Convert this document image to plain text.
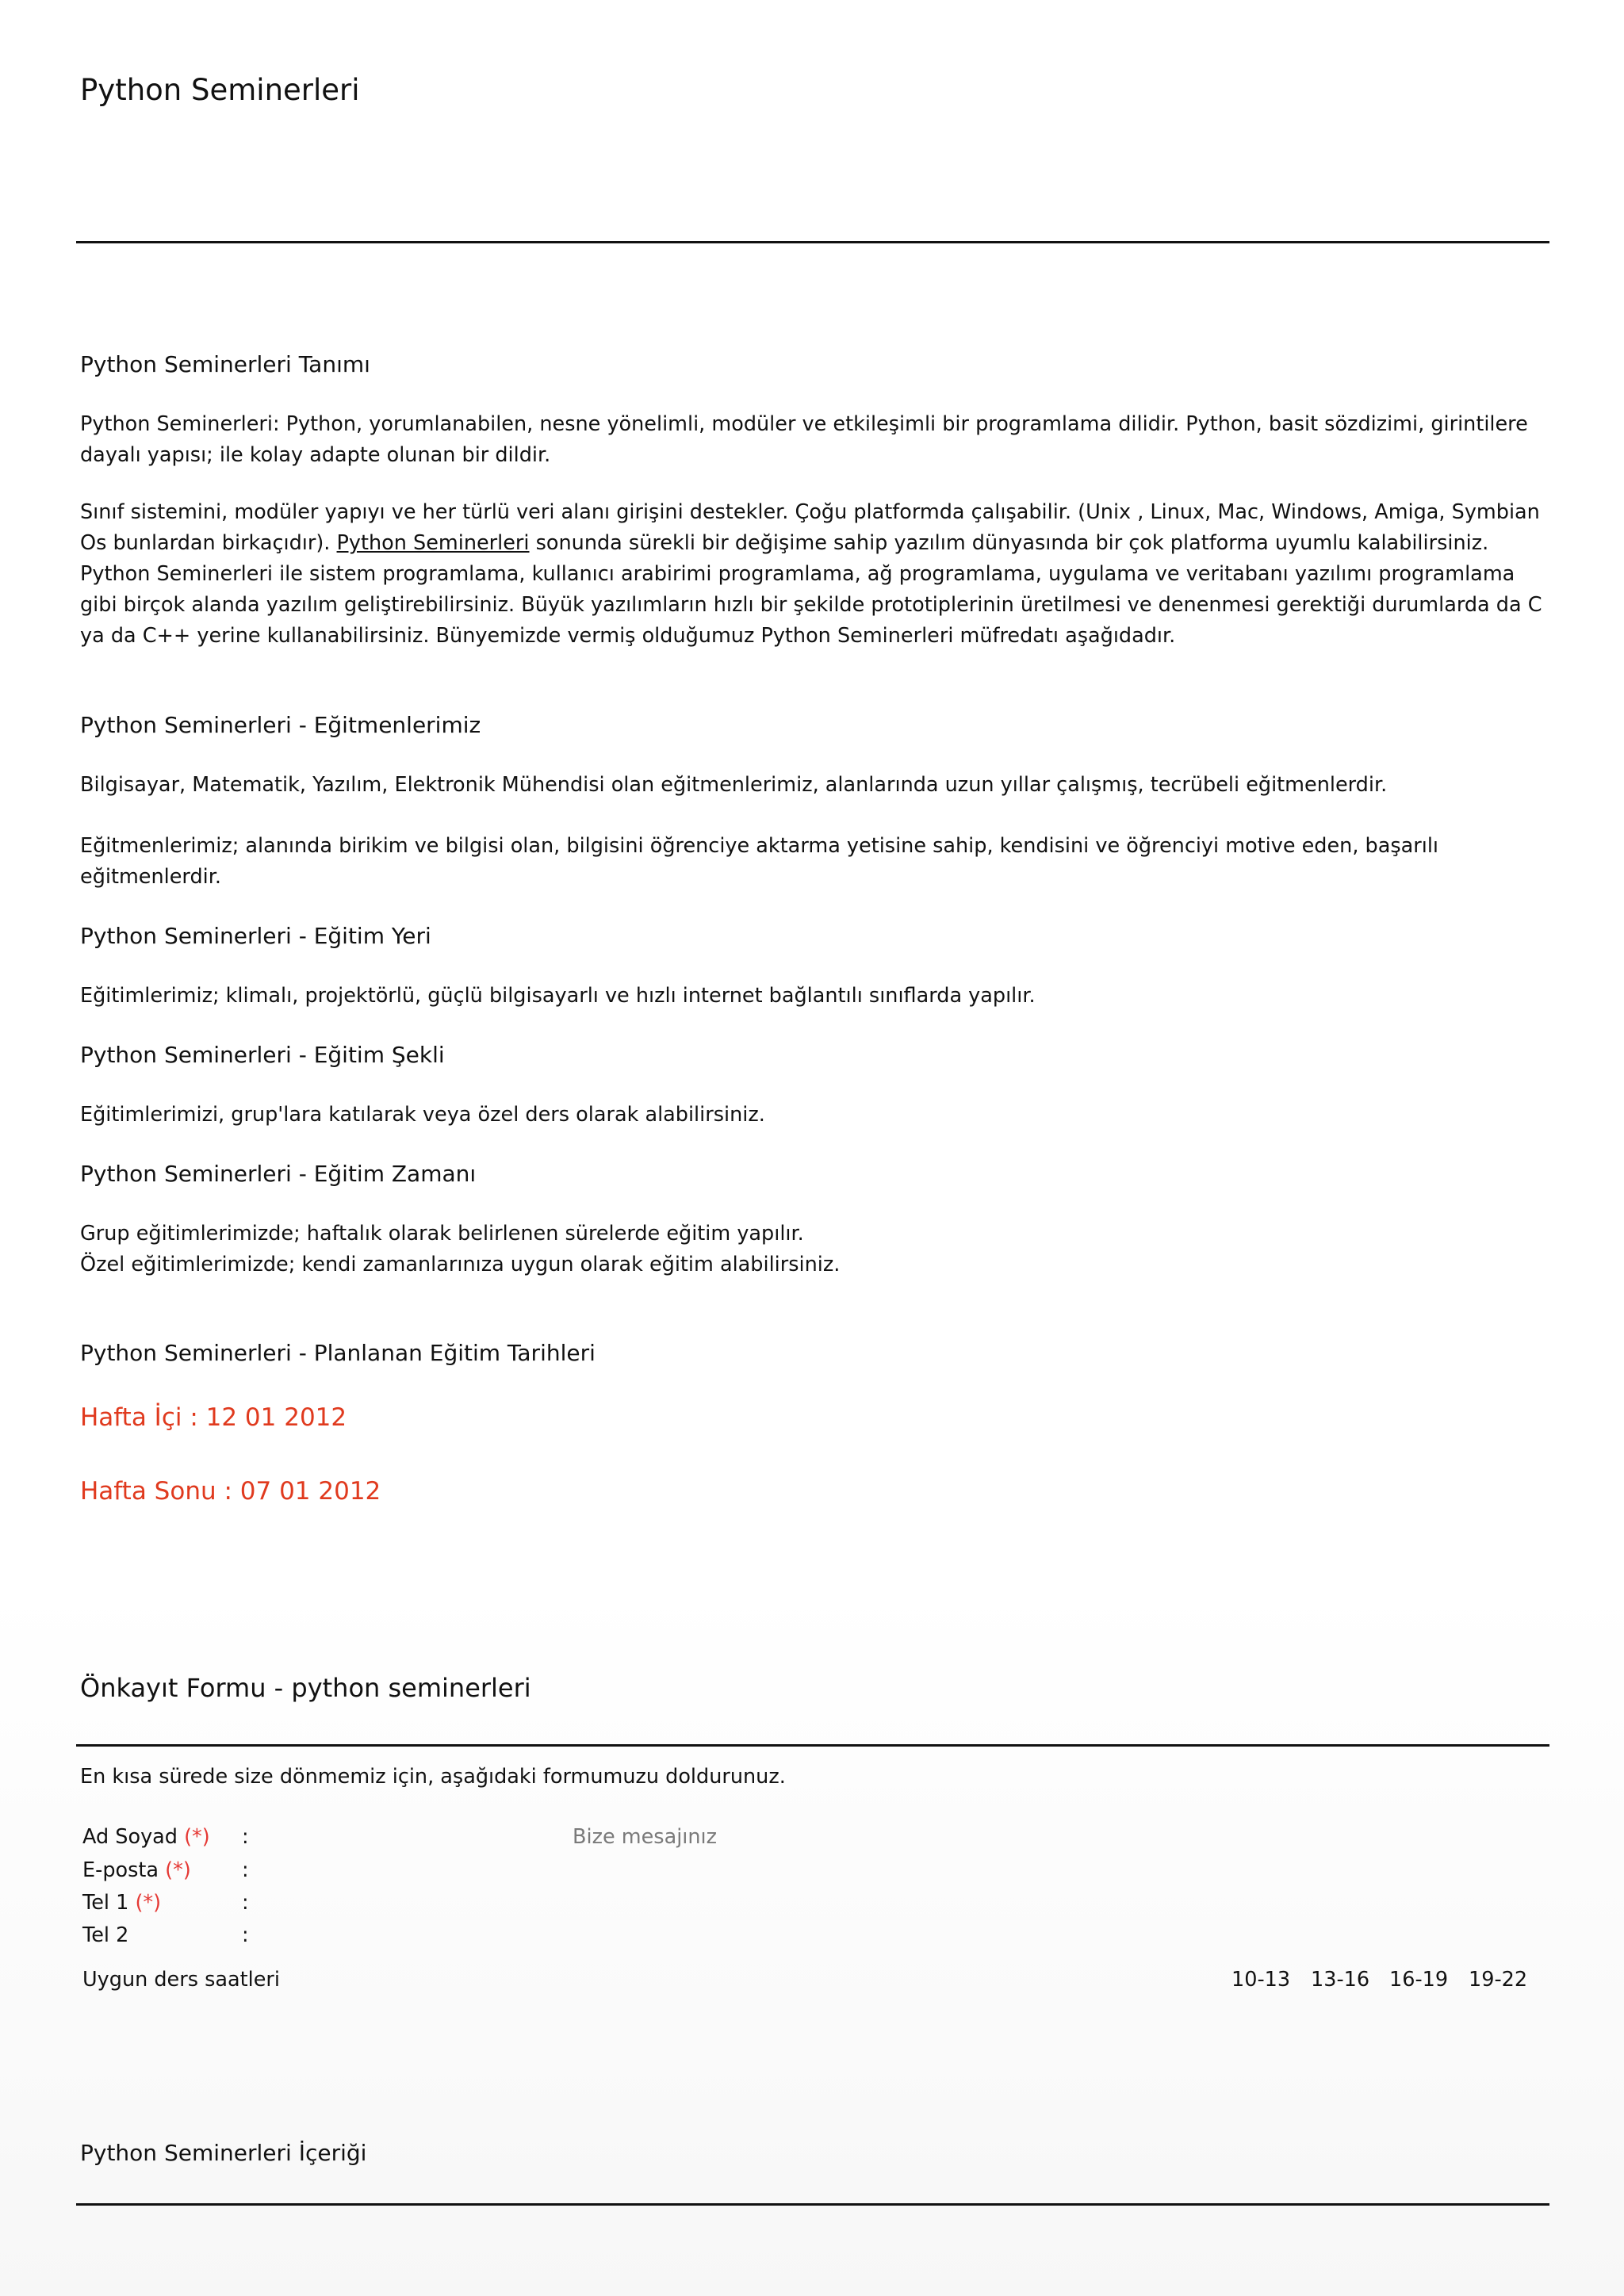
Python Seminerleri
Python Seminerleri Tanımı

Python Seminerleri: Python, yorumlanabilen, nesne yönelimli, modüler ve etkileşimli bir programlama dilidir. Python, basit sözdizimi, girintilere dayalı yapısı; ile kolay adapte olunan bir dildir.

Sınıf sistemini, modüler yapıyı ve her türlü veri alanı girişini destekler. Çoğu platformda çalışabilir. (Unix , Linux, Mac, Windows, Amiga, Symbian Os bunlardan birkaçıdır). Python Seminerleri sonunda sürekli bir değişime sahip yazılım dünyasında bir çok platforma uyumlu kalabilirsiniz. Python Seminerleri ile sistem programlama, kullanıcı arabirimi programlama, ağ programlama, uygulama ve veritabanı yazılımı programlama gibi birçok alanda yazılım geliştirebilirsiniz. Büyük yazılımların hızlı bir şekilde prototiplerinin üretilmesi ve denenmesi gerektiği durumlarda da C ya da C++ yerine kullanabilirsiniz. Bünyemizde vermiş olduğumuz Python Seminerleri müfredatı aşağıdadır.

Python Seminerleri - Eğitmenlerimiz

Bilgisayar, Matematik, Yazılım, Elektronik Mühendisi olan eğitmenlerimiz, alanlarında uzun yıllar çalışmış, tecrübeli eğitmenlerdir.

Eğitmenlerimiz; alanında birikim ve bilgisi olan, bilgisini öğrenciye aktarma yetisine sahip, kendisini ve öğrenciyi motive eden, başarılı eğitmenlerdir.

Python Seminerleri - Eğitim Yeri

Eğitimlerimiz; klimalı, projektörlü, güçlü bilgisayarlı ve hızlı internet bağlantılı sınıflarda yapılır.

Python Seminerleri - Eğitim Şekli

Eğitimlerimizi, grup'lara katılarak veya özel ders olarak alabilirsiniz.

Python Seminerleri - Eğitim Zamanı

Grup eğitimlerimizde; haftalık olarak belirlenen sürelerde eğitim yapılır.

Özel eğitimlerimizde; kendi zamanlarınıza uygun olarak eğitim alabilirsiniz.

Python Seminerleri - Planlanan Eğitim Tarihleri
Hafta İçi : 12 01 2012
Hafta Sonu : 07 01 2012
Önkayıt Formu - python seminerleri
En kısa sürede size dönmemiz için, aşağıdaki formumuzu doldurunuz.
Ad Soyad (*) :
E-posta (*)	:
Tel 1 (*)	:
Tel 2	:
Bize mesajınız
Uygun ders saatleri	10-13 13-16 16-19 19-22
Python Seminerleri İçeriği
